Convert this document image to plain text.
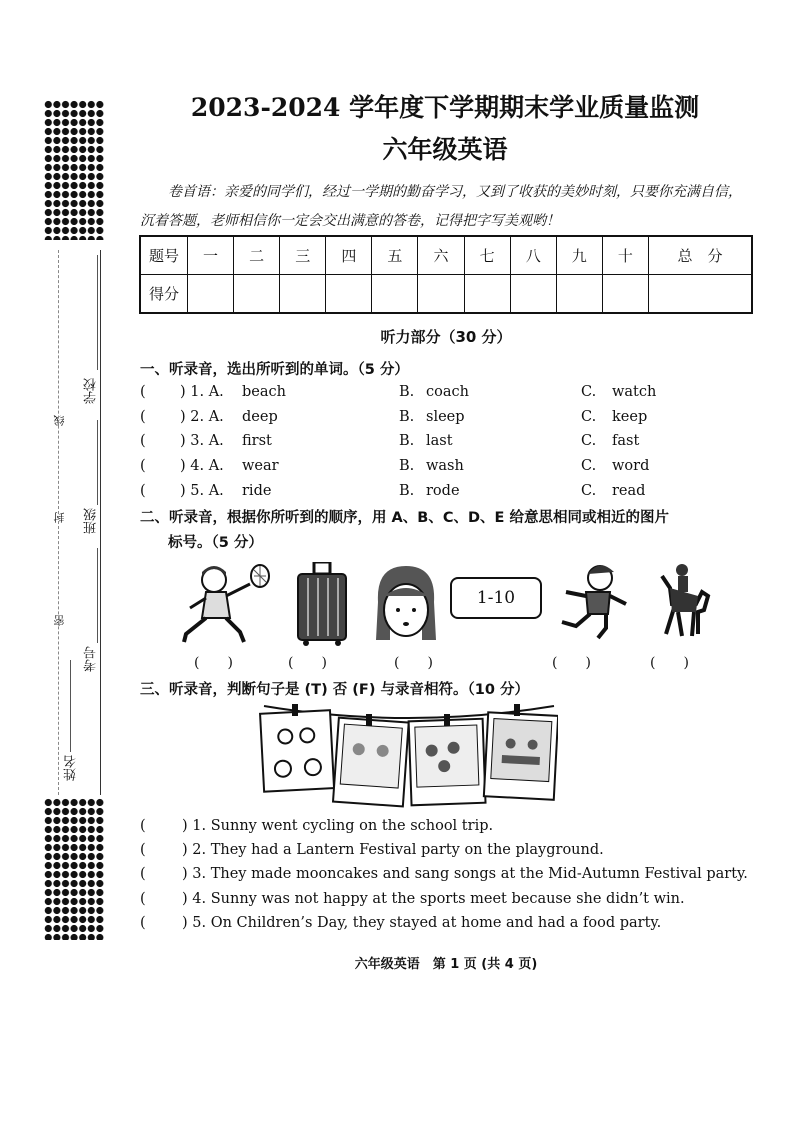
学校
班级
考号
姓名
线
封
密
2023-2024 学年度下学期期末学业质量监测
六年级英语
卷首语：亲爱的同学们，经过一学期的勤奋学习，又到了收获的美妙时刻，只要你充满自信，沉着答题，老师相信你一定会交出满意的答卷，记得把字写美观哟！
题号	一	二	三	四	五	六	七	八	九	十	总　分
得分											
听力部分（30 分）
一、听录音，选出所听到的单词。（5 分）
( ) 1. A. beach	B. coach	C. watch
( ) 2. A. deep	B. sleep	C. keep
( ) 3. A. first	B. last	C. fast
( ) 4. A. wear	B. wash	C. word
( ) 5. A. ride	B. rode	C. read
二、听录音，根据你所听到的顺序，用 A、B、C、D、E 给意思相同或相近的图片
标号。（5 分）
1-10
(　　)	(　　)	(　　)	(　　)	(　　)
三、听录音，判断句子是 (T) 否 (F) 与录音相符。（10 分）
(	) 1. Sunny went cycling on the school trip.
(	) 2. They had a Lantern Festival party on the playground.
(	) 3. They made mooncakes and sang songs at the Mid-Autumn Festival party.
(	) 4. Sunny was not happy at the sports meet because she didn’t win.
(	) 5. On Children’s Day, they stayed at home and had a food party.
六年级英语　第 1 页 (共 4 页)
